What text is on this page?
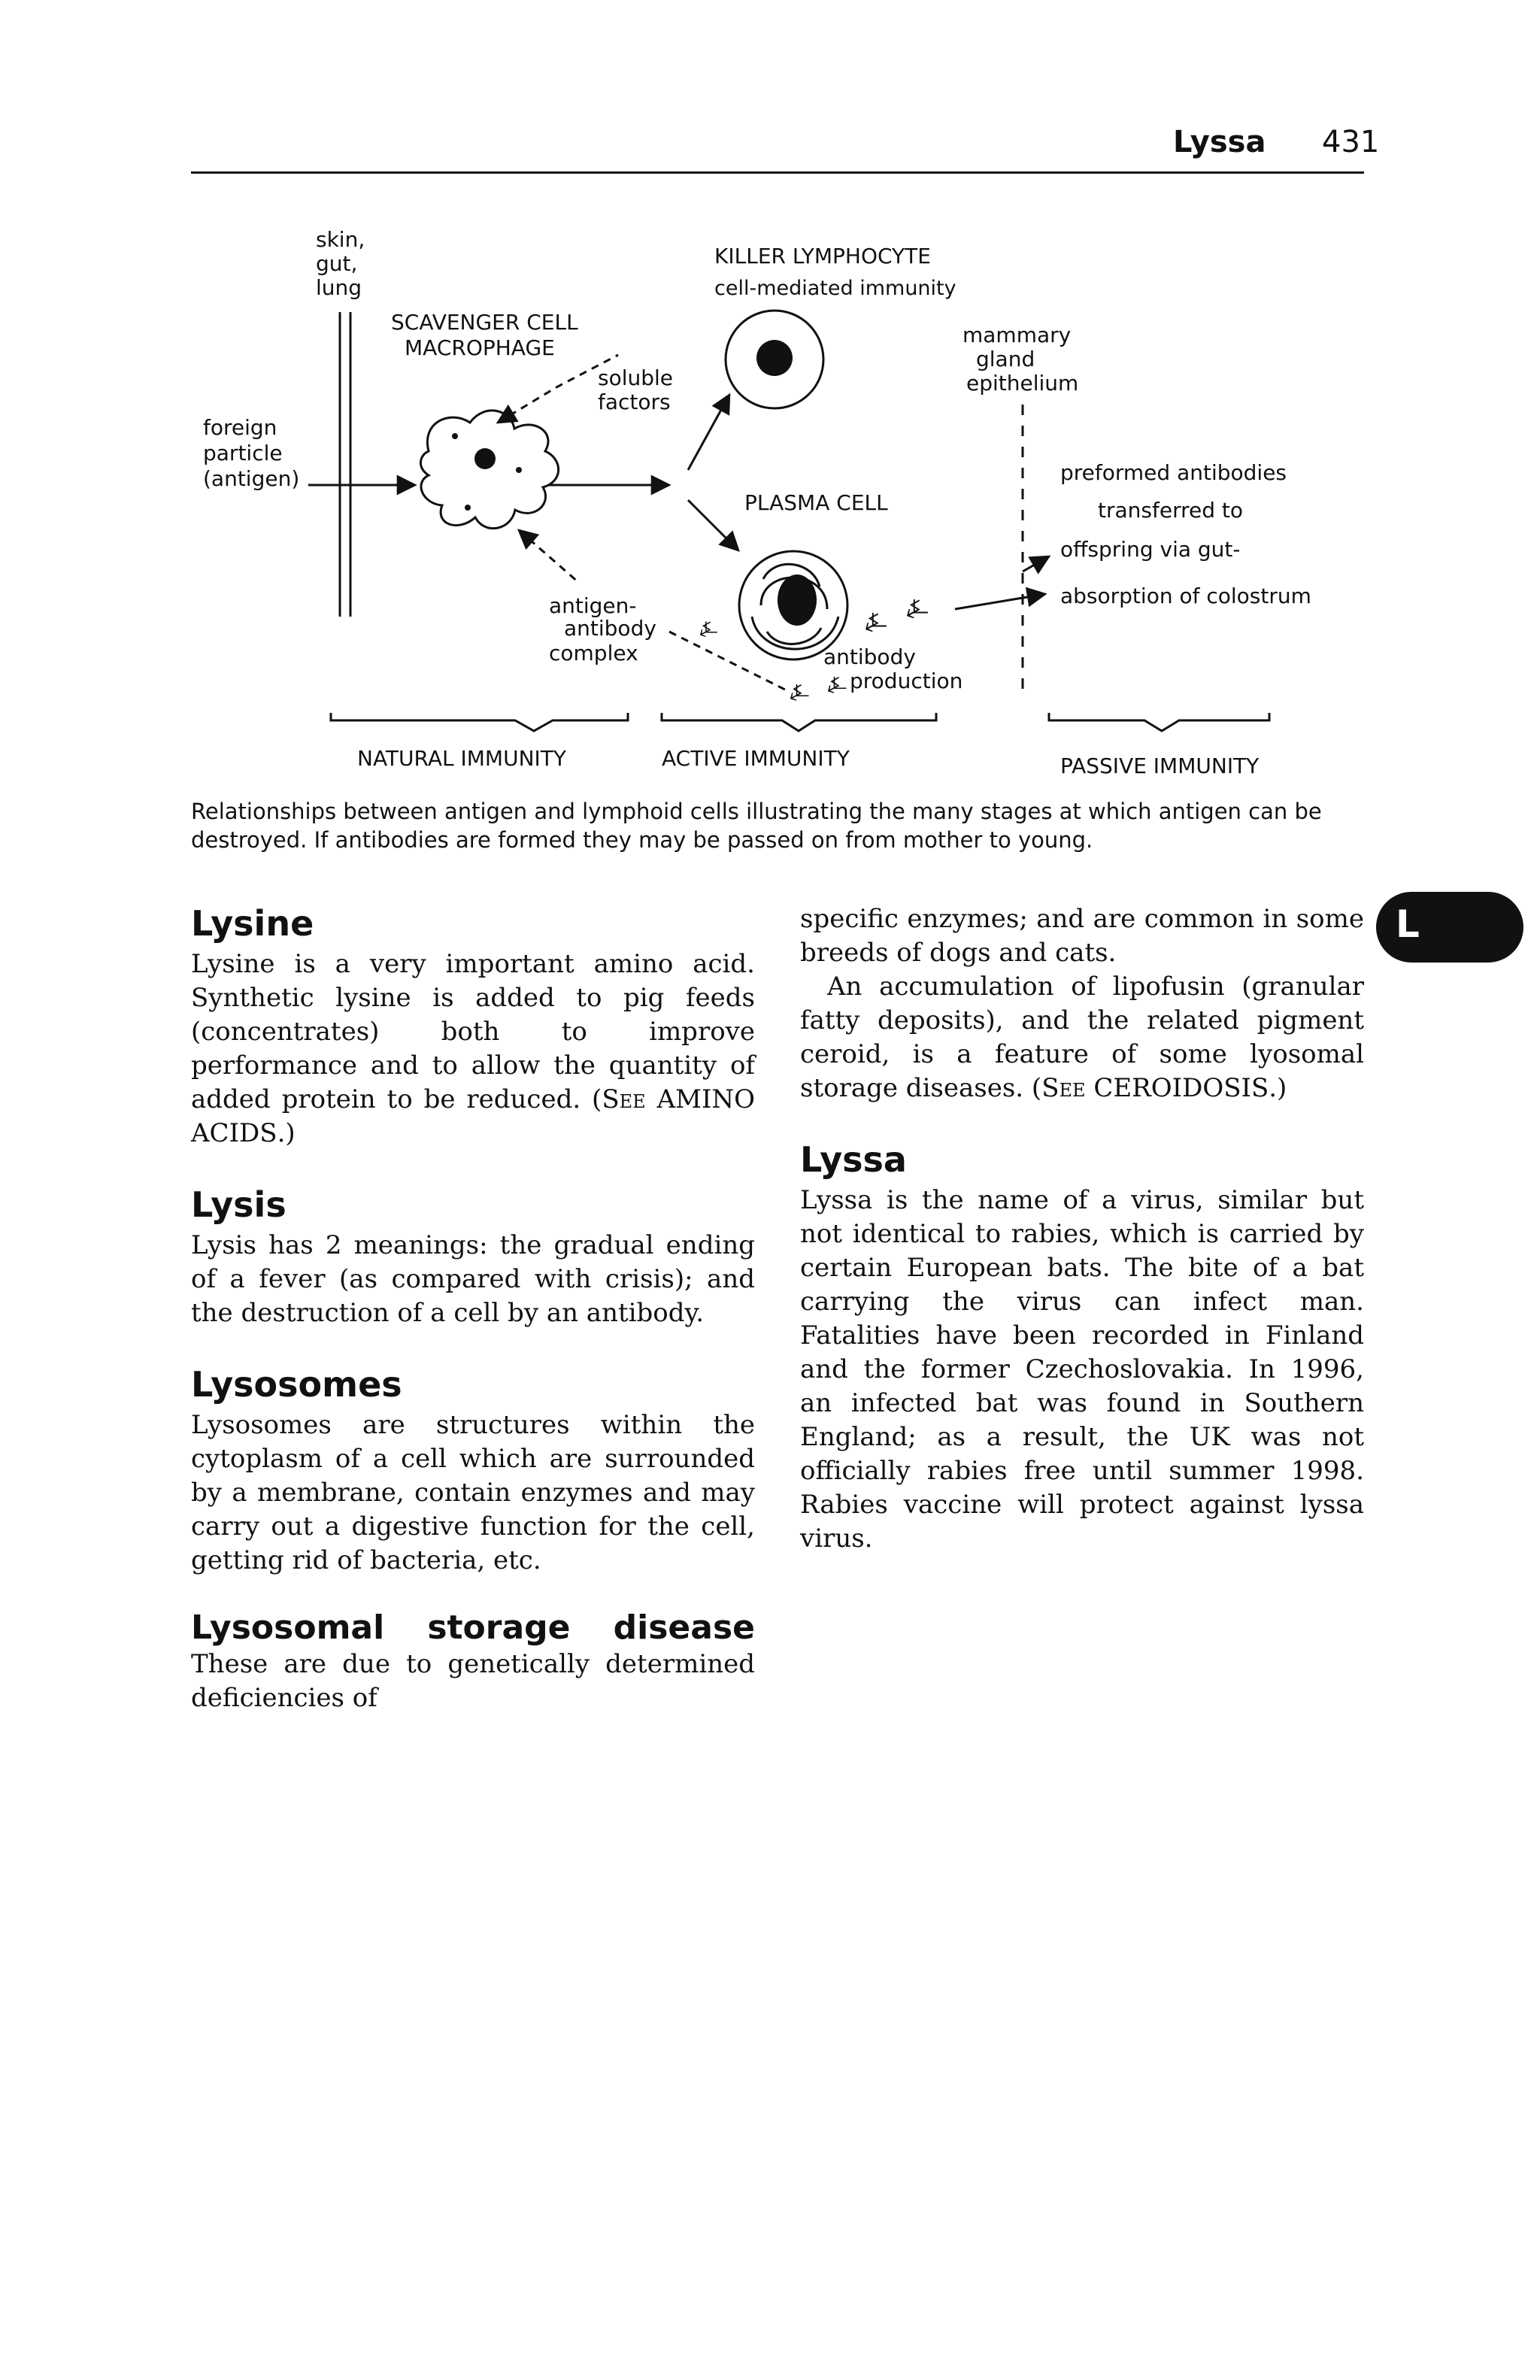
Lyssa 431
⍼ ⍼
⍼ ⍼
⍼
skin,
gut,
lung
foreign
particle
(antigen)
SCAVENGER CELL
MACROPHAGE
soluble
factors
KILLER LYMPHOCYTE
cell-mediated immunity
PLASMA CELL
antigen-
antibody
complex	antibody
production
mammary
gland
epithelium
preformed antibodies
transferred to
offspring via gut-
absorption of colostrum
NATURAL IMMUNITY	ACTIVE IMMUNITY	PASSIVE IMMUNITY
Relationships between antigen and lymphoid cells illustrating the many stages at which antigen can be destroyed. If antibodies are formed they may be passed on from mother to young.
L
Lysine

Lysine is a very important amino acid. Synthetic lysine is added to pig feeds (concentrates) both to improve performance and to allow the quantity of added protein to be reduced. (See AMINO ACIDS.)

Lysis

Lysis has 2 meanings: the gradual ending of a fever (as compared with crisis); and the destruction of a cell by an antibody.

Lysosomes

Lysosomes are structures within the cytoplasm of a cell which are surrounded by a membrane, contain enzymes and may carry out a digestive function for the cell, getting rid of bacteria, etc.

Lysosomal storage disease These are due to genetically determined deficiencies of

specific enzymes; and are common in some breeds of dogs and cats.

An accumulation of lipofusin (granular fatty deposits), and the related pigment ceroid, is a feature of some lyosomal storage diseases. (See CEROIDOSIS.)

Lyssa

Lyssa is the name of a virus, similar but not identical to rabies, which is carried by certain European bats. The bite of a bat carrying the virus can infect man. Fatalities have been recorded in Finland and the former Czechoslovakia. In 1996, an infected bat was found in Southern England; as a result, the UK was not officially rabies free until summer 1998. Rabies vaccine will protect against lyssa virus.
